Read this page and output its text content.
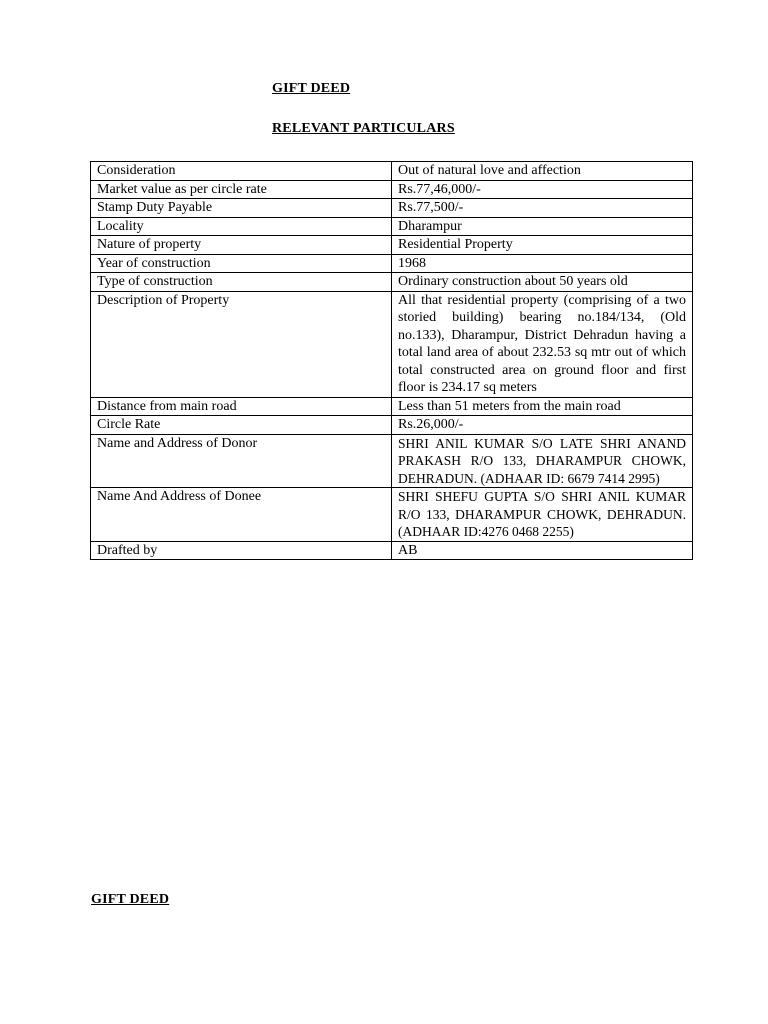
GIFT DEED

RELEVANT PARTICULARS

Consideration	Out of natural love and affection
Market value as per circle rate	Rs.77,46,000/-
Stamp Duty Payable	Rs.77,500/-
Locality	Dharampur
Nature of property	Residential Property
Year of construction	1968
Type of construction	Ordinary construction about 50 years old
Description of Property	All that residential property (comprising of a two storied building) bearing no.184/134, (Old no.133), Dharampur, District Dehradun having a total land area of about 232.53 sq mtr out of which total constructed area on ground floor and first floor is 234.17 sq meters
Distance from main road	Less than 51 meters from the main road
Circle Rate	Rs.26,000/-
Name and Address of Donor	SHRI ANIL KUMAR S/O LATE SHRI ANAND PRAKASH R/O 133, DHARAMPUR CHOWK, DEHRADUN. (ADHAAR ID: 6679 7414 2995)
Name And Address of Donee	SHRI SHEFU GUPTA S/O SHRI ANIL KUMAR R/O 133, DHARAMPUR CHOWK, DEHRADUN. (ADHAAR ID:4276 0468 2255)
Drafted by	AB

GIFT DEED
